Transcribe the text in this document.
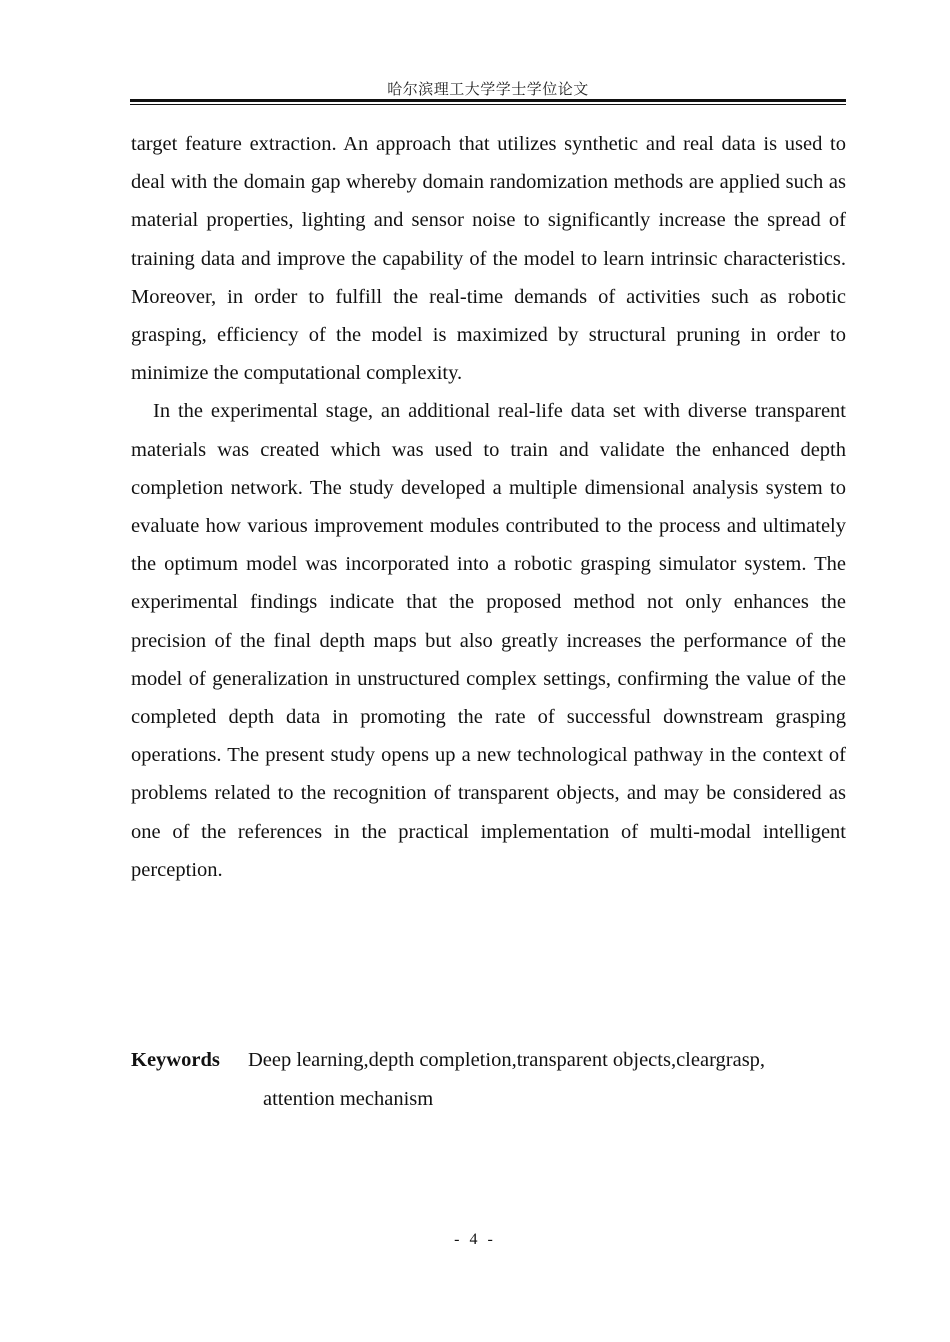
哈尔滨理工大学学士学位论文

target feature extraction. An approach that utilizes synthetic and real data is used to deal with the domain gap whereby domain randomization methods are applied such as material properties, lighting and sensor noise to significantly increase the spread of training data and improve the capability of the model to learn intrinsic characteristics. Moreover, in order to fulfill the real-time demands of activities such as robotic grasping, efficiency of the model is maximized by structural pruning in order to minimize the computational complexity.

In the experimental stage, an additional real-life data set with diverse transparent materials was created which was used to train and validate the enhanced depth completion network. The study developed a multiple dimensional analysis system to evaluate how various improvement modules contributed to the process and ultimately the optimum model was incorporated into a robotic grasping simulator system. The experimental findings indicate that the proposed method not only enhances the precision of the final depth maps but also greatly increases the performance of the model of generalization in unstructured complex settings, confirming the value of the completed depth data in promoting the rate of successful downstream grasping operations. The present study opens up a new technological pathway in the context of problems related to the recognition of transparent objects, and may be considered as one of the references in the practical implementation of multi-modal intelligent perception.

Keywords Deep learning,depth completion,transparent objects,cleargrasp,
attention mechanism
- 4 -
